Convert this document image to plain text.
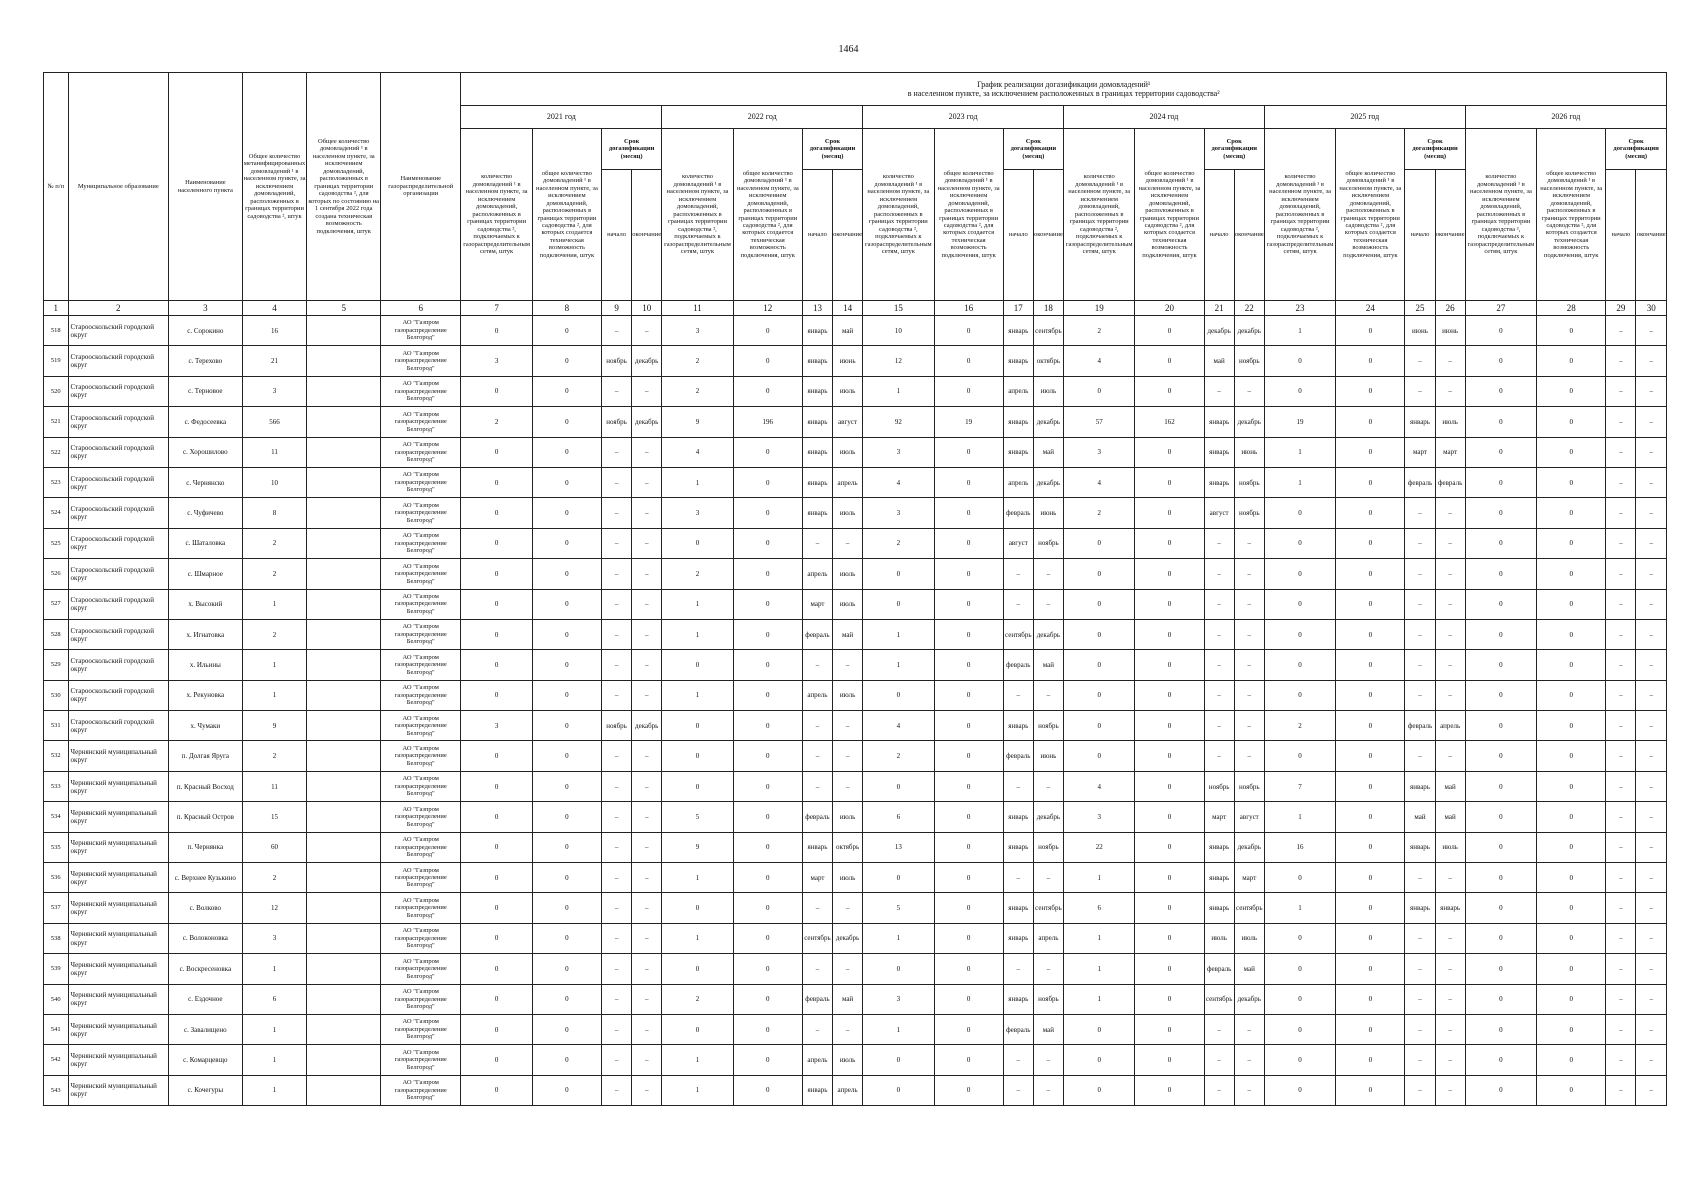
1464
№ п/п	Муниципальное образование	Наименование населенного пункта	Общее количество метанифицированных домовладений ¹ в населенном пункте, за исключением домовладений, расположенных в границах территории садоводства ², штук	Общее количество домовладений ¹ в населенном пункте, за исключением домовладений, расположенных в границах территории садоводства ², для которых по состоянию на 1 сентября 2022 года создана техническая возможность подключения, штук	Наименование газораспределительной организации	График реализации догазификации домовладений¹
в населенном пункте, за исключением расположенных в границах территории садоводства²																							

						2021 год				2022 год				2023 год				2024 год				2025 год				2026 год			
						количество домовладений ¹ в населенном пункте, за исключением домовладений, расположенных в границах территории садоводства ², подключаемых к газораспределительным сетям, штук	общее количество домовладений ¹ в населенном пункте, за исключением домовладений, расположенных в границах территории садоводства ², для которых создается техническая возможность подключения, штук	Срок догазификации (месяц)		количество домовладений ¹ в населенном пункте, за исключением домовладений, расположенных в границах территории садоводства ², подключаемых к газораспределительным сетям, штук	общее количество домовладений ¹ в населенном пункте, за исключением домовладений, расположенных в границах территории садоводства ², для которых создается техническая возможность подключения, штук	Срок догазификации (месяц)		количество домовладений ¹ в населенном пункте, за исключением домовладений, расположенных в границах территории садоводства ², подключаемых к газораспределительным сетям, штук	общее количество домовладений ¹ в населенном пункте, за исключением домовладений, расположенных в границах территории садоводства ², для которых создается техническая возможность подключения, штук	Срок догазификации (месяц)		количество домовладений ¹ в населенном пункте, за исключением домовладений, расположенных в границах территории садоводства ², подключаемых к газораспределительным сетям, штук	общее количество домовладений ¹ в населенном пункте, за исключением домовладений, расположенных в границах территории садоводства ², для которых создается техническая возможность подключения, штук	Срок догазификации (месяц)		количество домовладений ¹ в населенном пункте, за исключением домовладений, расположенных в границах территории садоводства ², подключаемых к газораспределительным сетям, штук	общее количество домовладений ¹ в населенном пункте, за исключением домовладений, расположенных в границах территории садоводства ², для которых создается техническая возможность подключения, штук	Срок догазификации (месяц)		количество домовладений ¹ в населенном пункте, за исключением домовладений, расположенных в границах территории садоводства ², подключаемых к газораспределительным сетям, штук	общее количество домовладений ¹ в населенном пункте, за исключением домовладений, расположенных в границах территории садоводства ², для которых создается техническая возможность подключения, штук	Срок догазификации (месяц)	
								начало	окончание			начало	окончание			начало	окончание			начало	окончание			начало	окончание			начало	окончание

1	2	3	4	5	6	7	8	9	10	11	12	13	14	15	16	17	18	19	20	21	22	23	24	25	26	27	28	29	30
518	Старооскольский городской округ	с. Сорокино	16		АО "Газпром газораспределение Белгород"	0	0	–	–	3	0	январь	май	10	0	январь	сентябрь	2	0	декабрь	декабрь	1	0	июнь	июнь	0	0	–	–
519	Старооскольский городской округ	с. Терехово	21		АО "Газпром газораспределение Белгород"	3	0	ноябрь	декабрь	2	0	январь	июнь	12	0	январь	октябрь	4	0	май	ноябрь	0	0	–	–	0	0	–	–
520	Старооскольский городской округ	с. Терновое	3		АО "Газпром газораспределение Белгород"	0	0	–	–	2	0	январь	июль	1	0	апрель	июль	0	0	–	–	0	0	–	–	0	0	–	–
521	Старооскольский городской округ	с. Федосеевка	566		АО "Газпром газораспределение Белгород"	2	0	ноябрь	декабрь	9	196	январь	август	92	19	январь	декабрь	57	162	январь	декабрь	19	0	январь	июль	0	0	–	–
522	Старооскольский городской округ	с. Хорошилово	11		АО "Газпром газораспределение Белгород"	0	0	–	–	4	0	январь	июль	3	0	январь	май	3	0	январь	июнь	1	0	март	март	0	0	–	–
523	Старооскольский городской округ	с. Чернянско	10		АО "Газпром газораспределение Белгород"	0	0	–	–	1	0	январь	апрель	4	0	апрель	декабрь	4	0	январь	ноябрь	1	0	февраль	февраль	0	0	–	–
524	Старооскольский городской округ	с. Чуфичево	8		АО "Газпром газораспределение Белгород"	0	0	–	–	3	0	январь	июль	3	0	февраль	июнь	2	0	август	ноябрь	0	0	–	–	0	0	–	–
525	Старооскольский городской округ	с. Шаталовка	2		АО "Газпром газораспределение Белгород"	0	0	–	–	0	0	–	–	2	0	август	ноябрь	0	0	–	–	0	0	–	–	0	0	–	–
526	Старооскольский городской округ	с. Шмарное	2		АО "Газпром газораспределение Белгород"	0	0	–	–	2	0	апрель	июль	0	0	–	–	0	0	–	–	0	0	–	–	0	0	–	–
527	Старооскольский городской округ	х. Высокий	1		АО "Газпром газораспределение Белгород"	0	0	–	–	1	0	март	июль	0	0	–	–	0	0	–	–	0	0	–	–	0	0	–	–
528	Старооскольский городской округ	х. Игнатовка	2		АО "Газпром газораспределение Белгород"	0	0	–	–	1	0	февраль	май	1	0	сентябрь	декабрь	0	0	–	–	0	0	–	–	0	0	–	–
529	Старооскольский городской округ	х. Ильины	1		АО "Газпром газораспределение Белгород"	0	0	–	–	0	0	–	–	1	0	февраль	май	0	0	–	–	0	0	–	–	0	0	–	–
530	Старооскольский городской округ	х. Рекуновка	1		АО "Газпром газораспределение Белгород"	0	0	–	–	1	0	апрель	июль	0	0	–	–	0	0	–	–	0	0	–	–	0	0	–	–
531	Старооскольский городской округ	х. Чумаки	9		АО "Газпром газораспределение Белгород"	3	0	ноябрь	декабрь	0	0	–	–	4	0	январь	ноябрь	0	0	–	–	2	0	февраль	апрель	0	0	–	–
532	Чернянский муниципальный округ	п. Долгая Яруга	2		АО "Газпром газораспределение Белгород"	0	0	–	–	0	0	–	–	2	0	февраль	июнь	0	0	–	–	0	0	–	–	0	0	–	–
533	Чернянский муниципальный округ	п. Красный Восход	11		АО "Газпром газораспределение Белгород"	0	0	–	–	0	0	–	–	0	0	–	–	4	0	ноябрь	ноябрь	7	0	январь	май	0	0	–	–
534	Чернянский муниципальный округ	п. Красный Остров	15		АО "Газпром газораспределение Белгород"	0	0	–	–	5	0	февраль	июль	6	0	январь	декабрь	3	0	март	август	1	0	май	май	0	0	–	–
535	Чернянский муниципальный округ	п. Чернянка	60		АО "Газпром газораспределение Белгород"	0	0	–	–	9	0	январь	октябрь	13	0	январь	ноябрь	22	0	январь	декабрь	16	0	январь	июль	0	0	–	–
536	Чернянский муниципальный округ	с. Верхнее Кузькино	2		АО "Газпром газораспределение Белгород"	0	0	–	–	1	0	март	июль	0	0	–	–	1	0	январь	март	0	0	–	–	0	0	–	–
537	Чернянский муниципальный округ	с. Волково	12		АО "Газпром газораспределение Белгород"	0	0	–	–	0	0	–	–	5	0	январь	сентябрь	6	0	январь	сентябрь	1	0	январь	январь	0	0	–	–
538	Чернянский муниципальный округ	с. Волоконовка	3		АО "Газпром газораспределение Белгород"	0	0	–	–	1	0	сентябрь	декабрь	1	0	январь	апрель	1	0	июль	июль	0	0	–	–	0	0	–	–
539	Чернянский муниципальный округ	с. Воскресеновка	1		АО "Газпром газораспределение Белгород"	0	0	–	–	0	0	–	–	0	0	–	–	1	0	февраль	май	0	0	–	–	0	0	–	–
540	Чернянский муниципальный округ	с. Ездочное	6		АО "Газпром газораспределение Белгород"	0	0	–	–	2	0	февраль	май	3	0	январь	ноябрь	1	0	сентябрь	декабрь	0	0	–	–	0	0	–	–
541	Чернянский муниципальный округ	с. Завалищено	1		АО "Газпром газораспределение Белгород"	0	0	–	–	0	0	–	–	1	0	февраль	май	0	0	–	–	0	0	–	–	0	0	–	–
542	Чернянский муниципальный округ	с. Комарцевщо	1		АО "Газпром газораспределение Белгород"	0	0	–	–	1	0	апрель	июль	0	0	–	–	0	0	–	–	0	0	–	–	0	0	–	–
543	Чернянский муниципальный округ	с. Кочегуры	1		АО "Газпром газораспределение Белгород"	0	0	–	–	1	0	январь	апрель	0	0	–	–	0	0	–	–	0	0	–	–	0	0	–	–
